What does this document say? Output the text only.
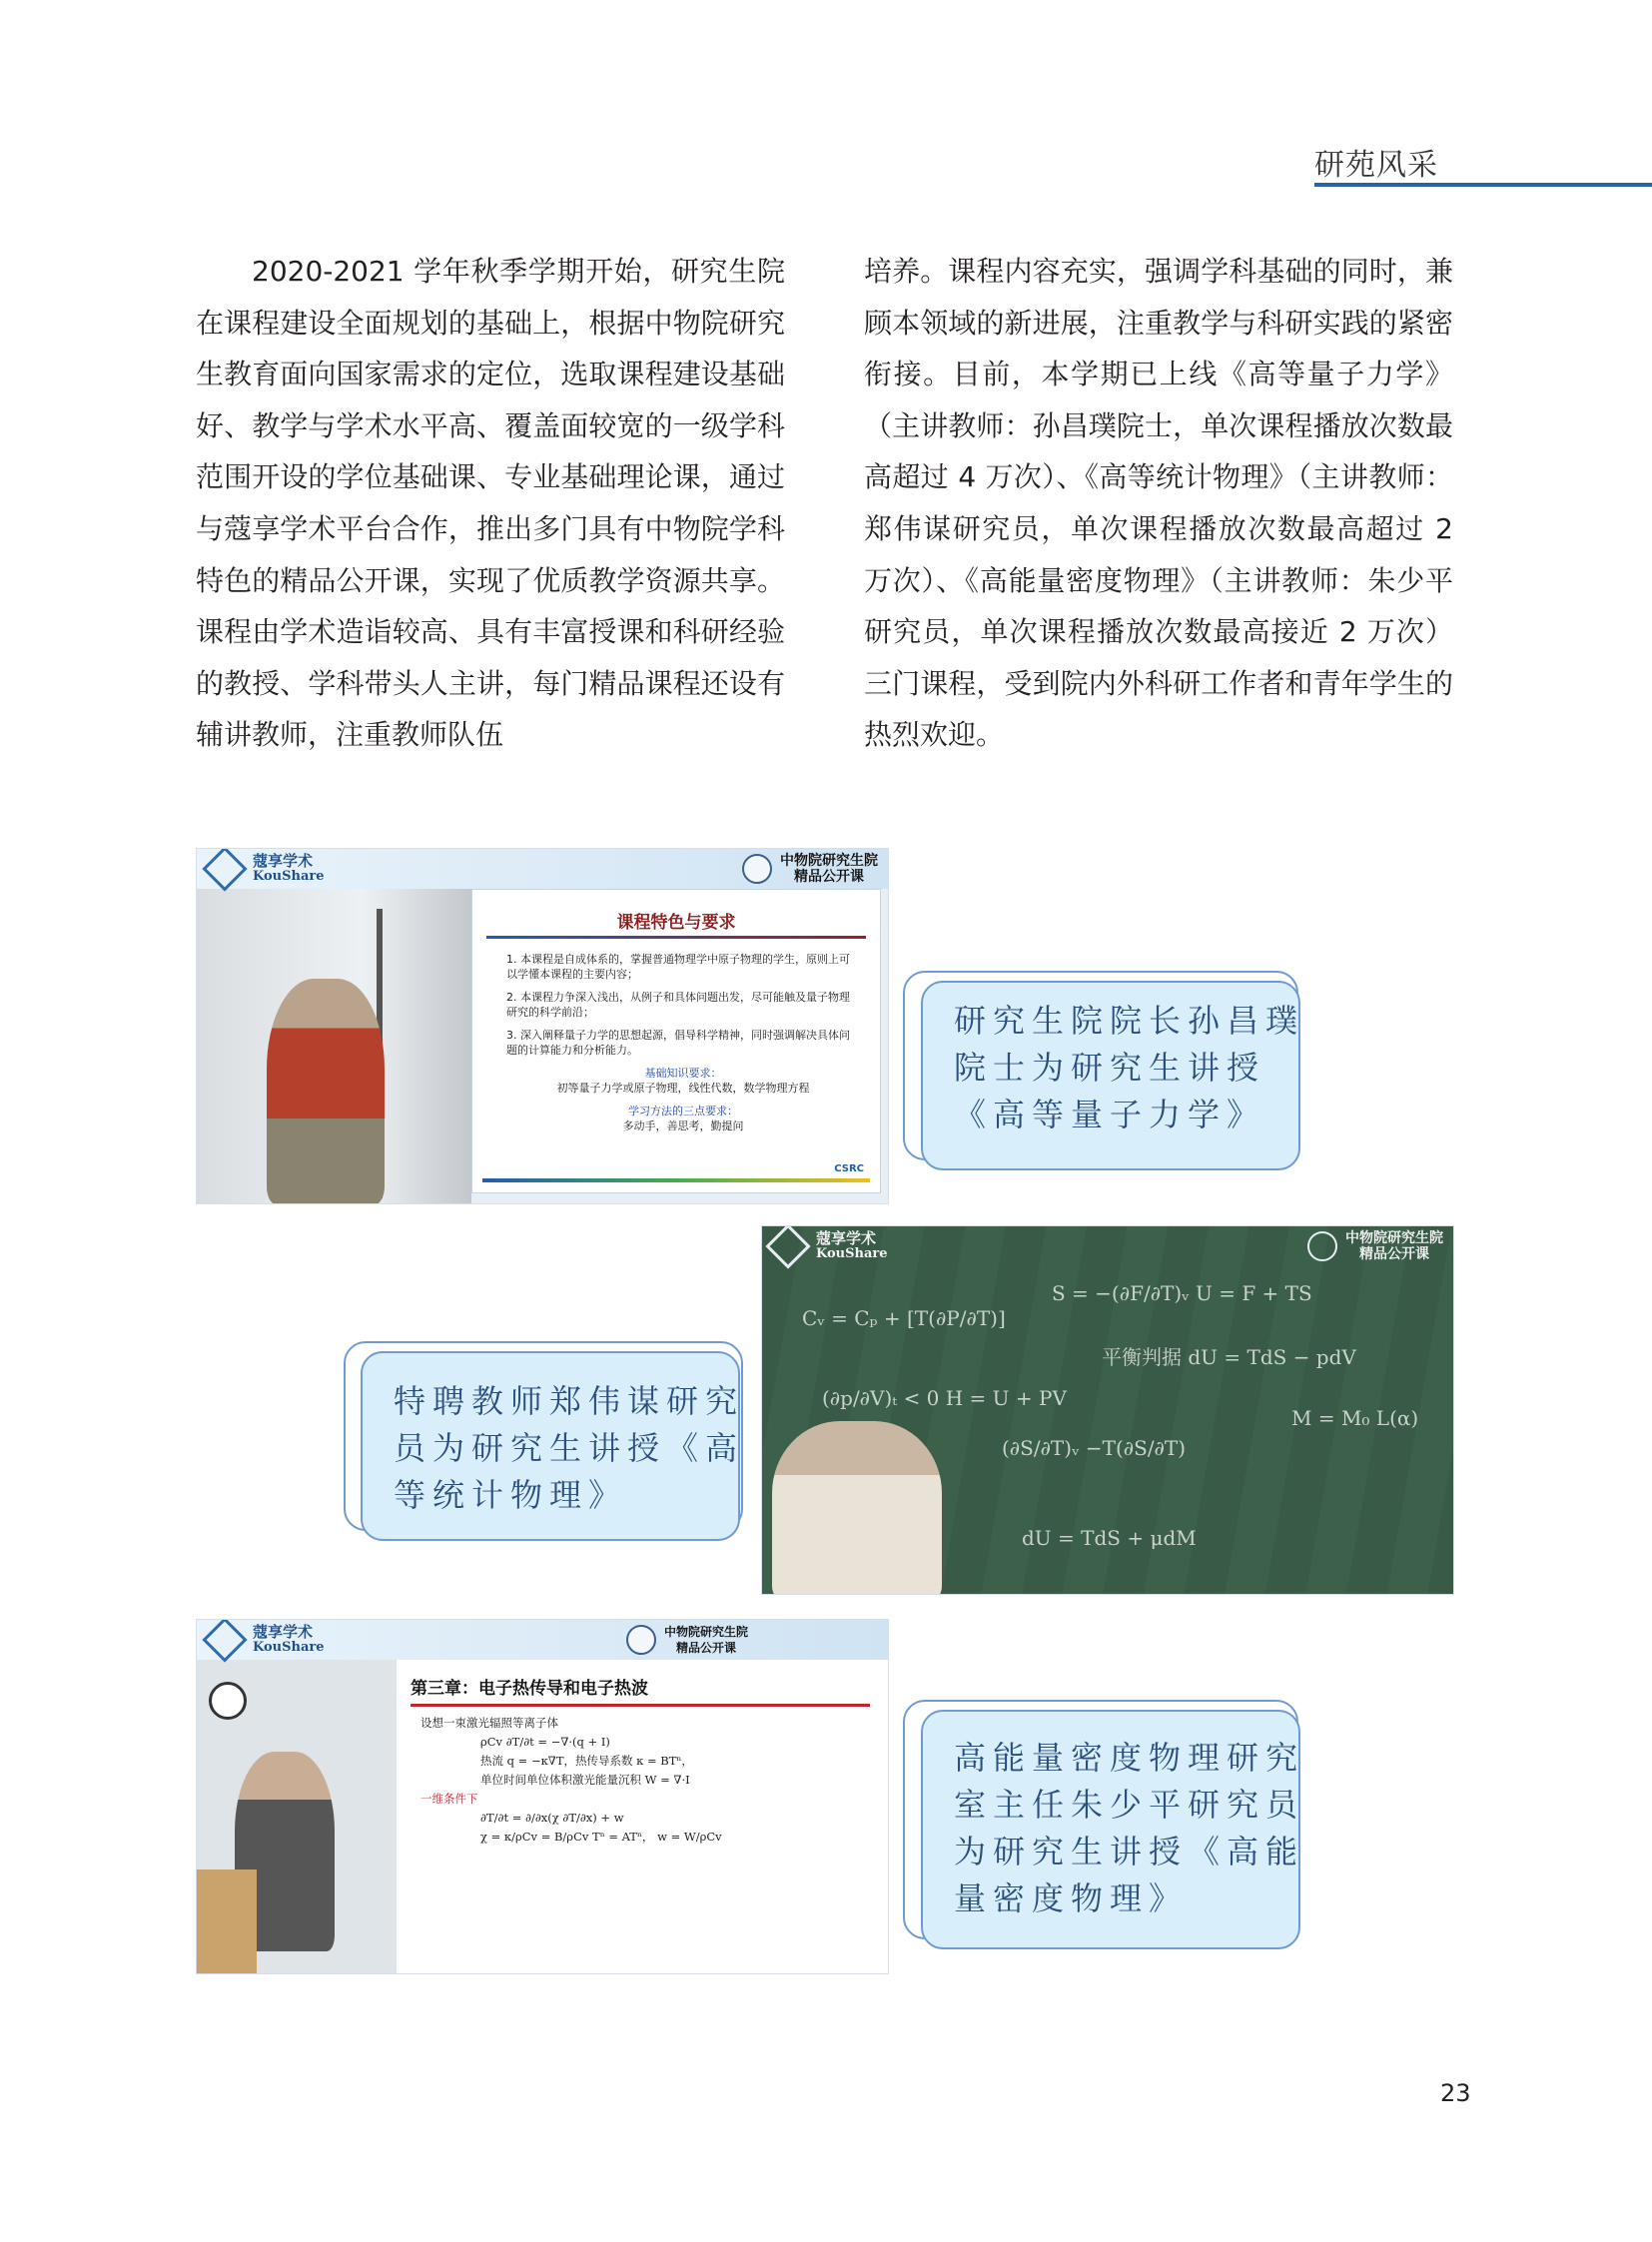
研苑风采

2020-2021 学年秋季学期开始，研究生院在课程建设全面规划的基础上，根据中物院研究生教育面向国家需求的定位，选取课程建设基础好、教学与学术水平高、覆盖面较宽的一级学科范围开设的学位基础课、专业基础理论课，通过与蔻享学术平台合作，推出多门具有中物院学科特色的精品公开课，实现了优质教学资源共享。课程由学术造诣较高、具有丰富授课和科研经验的教授、学科带头人主讲，每门精品课程还设有辅讲教师，注重教师队伍

培养。课程内容充实，强调学科基础的同时，兼顾本领域的新进展，注重教学与科研实践的紧密衔接。目前，本学期已上线《高等量子力学》（主讲教师：孙昌璞院士，单次课程播放次数最高超过 4 万次）、《高等统计物理》（主讲教师：郑伟谋研究员，单次课程播放次数最高超过 2 万次）、《高能量密度物理》（主讲教师：朱少平研究员，单次课程播放次数最高接近 2 万次）三门课程，受到院内外科研工作者和青年学生的热烈欢迎。

蔻享学术
KouShare
中物院研究生院
精品公开课
课程特色与要求
1. 本课程是自成体系的，掌握普通物理学中原子物理的学生，原则上可以学懂本课程的主要内容；
2. 本课程力争深入浅出，从例子和具体问题出发，尽可能触及量子物理研究的科学前沿；
3. 深入阐释量子力学的思想起源，倡导科学精神，同时强调解决具体问题的计算能力和分析能力。
基础知识要求：
初等量子力学或原子物理，线性代数，数学物理方程
学习方法的三点要求：
多动手，善思考，勤提问
CSRC
研究生院院长孙昌璞
院士为研究生讲授
《高等量子力学》
S = −(∂F/∂T)ᵥ U = F + TS
Cᵥ = Cₚ + [T(∂P/∂T)]
平衡判据 dU = TdS − pdV
(∂p/∂V)ₜ < 0 H = U + PV
(∂S/∂T)ᵥ −T(∂S/∂T)
M = M₀ L(α)
dU = TdS + μdM
蔻享学术
KouShare
中物院研究生院
精品公开课
特聘教师郑伟谋研究
员为研究生讲授《高
等统计物理》
蔻享学术
KouShare
中物院研究生院
精品公开课
第三章：电子热传导和电子热波
设想一束激光辐照等离子体
ρCv ∂T/∂t = −∇·(q + I)
热流 q = −κ∇T，热传导系数 κ = BTⁿ，
单位时间单位体积激光能量沉积 W = ∇·I
一维条件下
∂T/∂t = ∂/∂x(χ ∂T/∂x) + w
χ = κ/ρCv = B/ρCv Tⁿ = ATⁿ， w = W/ρCv
高能量密度物理研究
室主任朱少平研究员
为研究生讲授《高能
量密度物理》
23
